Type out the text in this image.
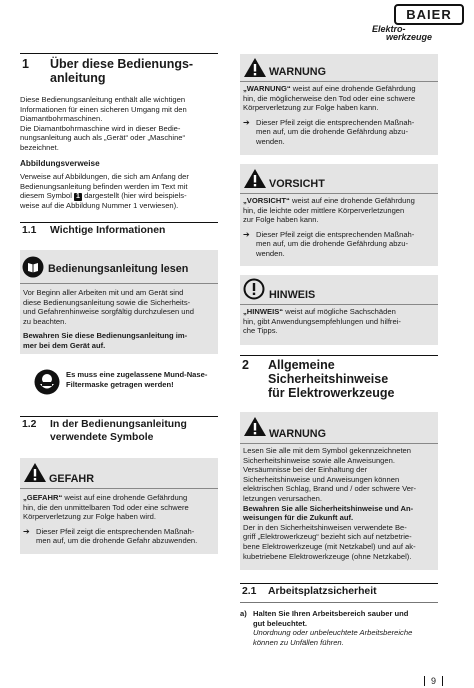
BAIER
Elektro-
werkzeuge
1 Über diese Bedienungs-
anleitung
Diese Bedienungsanleitung enthält alle wichtigen
Informationen für einen sicheren Umgang mit den
Diamantbohrmaschinen.
Die Diamantbohrmaschine wird in dieser Bedie-
nungsanleitung auch als „Gerät“ oder „Maschine“
bezeichnet.
Abbildungsverweise
Verweise auf Abbildungen, die sich am Anfang der
Bedienungsanleitung befinden werden im Text mit
diesem Symbol 1 dargestellt (hier wird beispiels-
weise auf die Abbildung Nummer 1 verwiesen).
1.1 Wichtige Informationen
Bedienungsanleitung lesen
Vor Beginn aller Arbeiten mit und am Gerät sind
diese Bedienungsanleitung sowie die Sicherheits-
und Gefahrenhinweise sorgfältig durchzulesen und
zu beachten.
Bewahren Sie diese Bedienungsanleitung im-
mer bei dem Gerät auf.
Es muss eine zugelassene Mund-Nase-
Filtermaske getragen werden!
1.2 In der Bedienungsanleitung
verwendete Symbole
GEFAHR
„GEFAHR“ weist auf eine drohende Gefährdung
hin, die den unmittelbaren Tod oder eine schwere
Körperverletzung zur Folge haben wird.
➔ Dieser Pfeil zeigt die entsprechenden Maßnah-
men auf, um die drohende Gefahr abzuwenden.
WARNUNG
„WARNUNG“ weist auf eine drohende Gefährdung
hin, die möglicherweise den Tod oder eine schwere
Körperverletzung zur Folge haben kann.
➔ Dieser Pfeil zeigt die entsprechenden Maßnah-
men auf, um die drohende Gefährdung abzu-
wenden.
VORSICHT
„VORSICHT“ weist auf eine drohende Gefährdung
hin, die leichte oder mittlere Körperverletzungen
zur Folge haben kann.
➔ Dieser Pfeil zeigt die entsprechenden Maßnah-
men auf, um die drohende Gefährdung abzu-
wenden.
HINWEIS
„HINWEIS“ weist auf mögliche Sachschäden
hin, gibt Anwendungsempfehlungen und hilfrei-
che Tipps.
2 Allgemeine
Sicherheitshinweise
für Elektrowerkzeuge
WARNUNG
Lesen Sie alle mit dem Symbol gekennzeichneten
Sicherheitshinweise sowie alle Anweisungen.
Versäumnisse bei der Einhaltung der
Sicherheitshinweise und Anweisungen können
elektrischen Schlag, Brand und / oder schwere Ver-
letzungen verursachen.
Bewahren Sie alle Sicherheitshinweise und An-
weisungen für die Zukunft auf.
Der in den Sicherheitshinweisen verwendete Be-
griff „Elektrowerkzeug“ bezieht sich auf netzbetrie-
bene Elektrowerkzeuge (mit Netzkabel) und auf ak-
kubetriebene Elektrowerkzeuge (ohne Netzkabel).
2.1 Arbeitsplatzsicherheit
a) Halten Sie Ihren Arbeitsbereich sauber und
gut beleuchtet.
Unordnung oder unbeleuchtete Arbeitsbereiche
können zu Unfällen führen.
9
